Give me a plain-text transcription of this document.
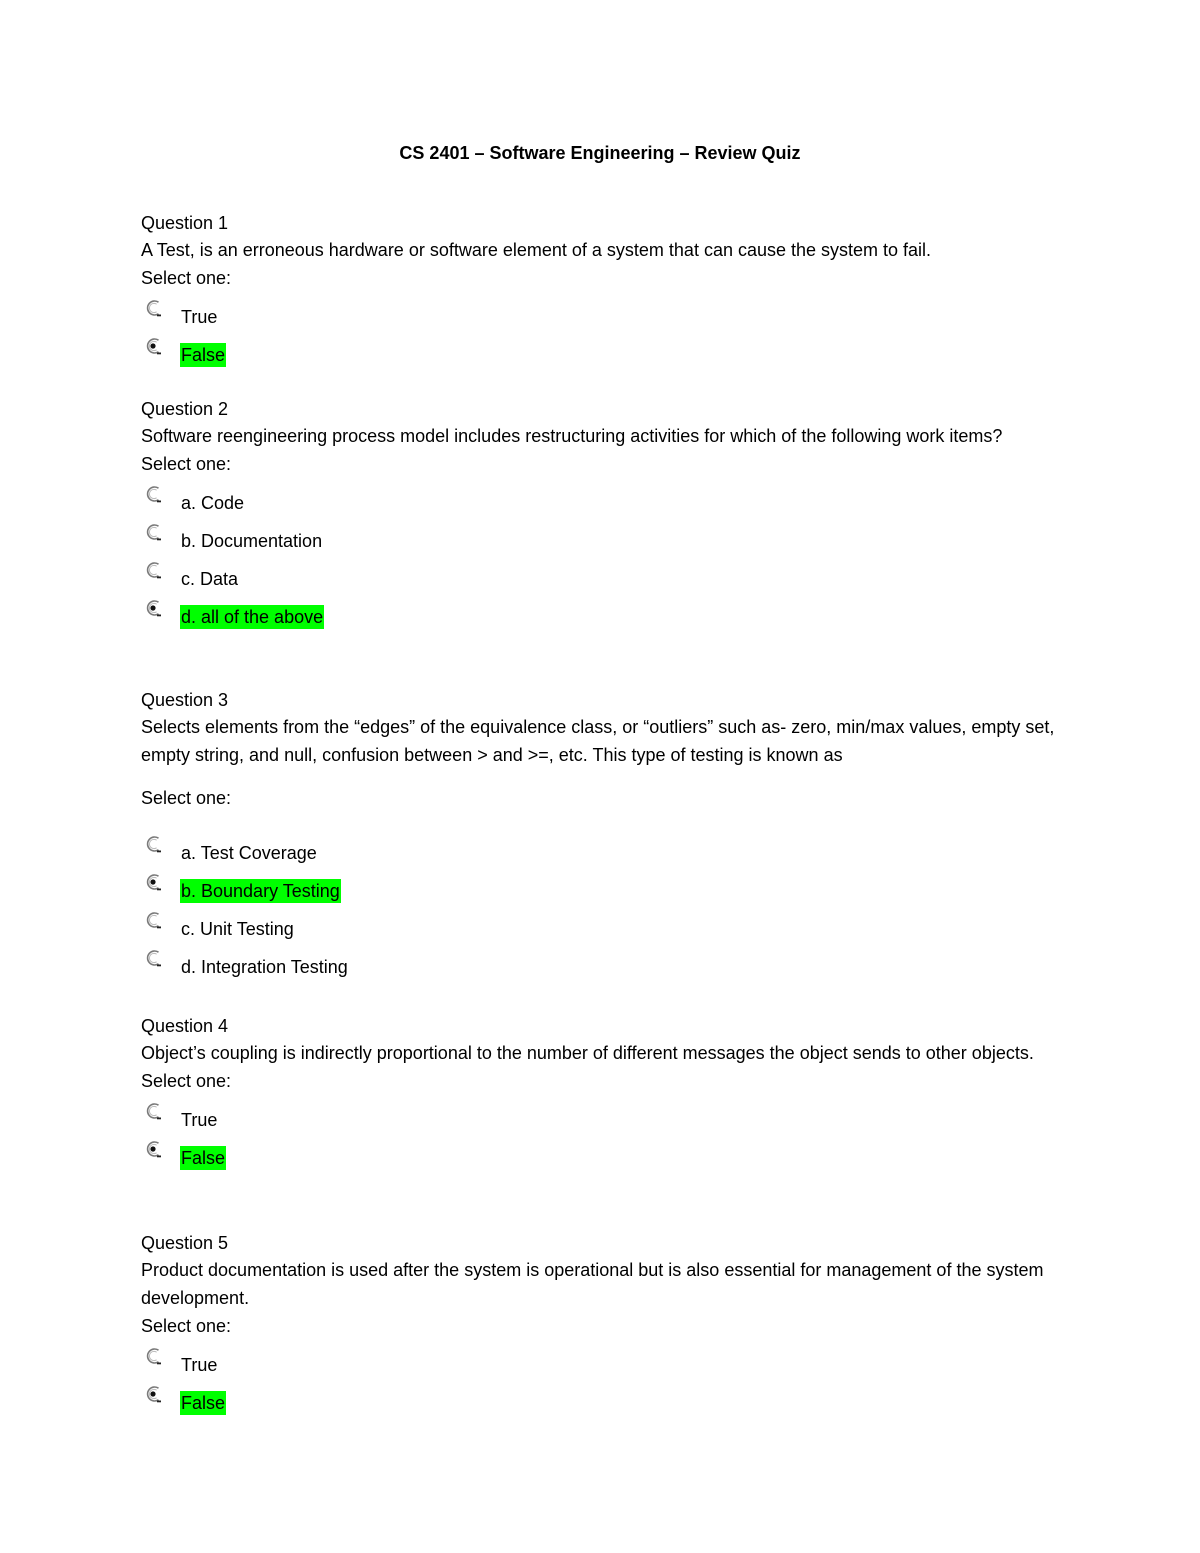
CS 2401 – Software Engineering – Review Quiz
Question 1
A Test, is an erroneous hardware or software element of a system that can cause the system to fail.
Select one:
True
False
Question 2
Software reengineering process model includes restructuring activities for which of the following work items?
Select one:
a. Code
b. Documentation
c. Data
d. all of the above
Question 3
Selects elements from the “edges” of the equivalence class, or “outliers” such as- zero, min/max values, empty set, empty string, and null, confusion between > and >=, etc. This type of testing is known as
Select one:
a. Test Coverage
b. Boundary Testing
c. Unit Testing
d. Integration Testing
Question 4
Object’s coupling is indirectly proportional to the number of different messages the object sends to other objects.
Select one:
True
False
Question 5
Product documentation is used after the system is operational but is also essential for management of the system development.
Select one:
True
False
